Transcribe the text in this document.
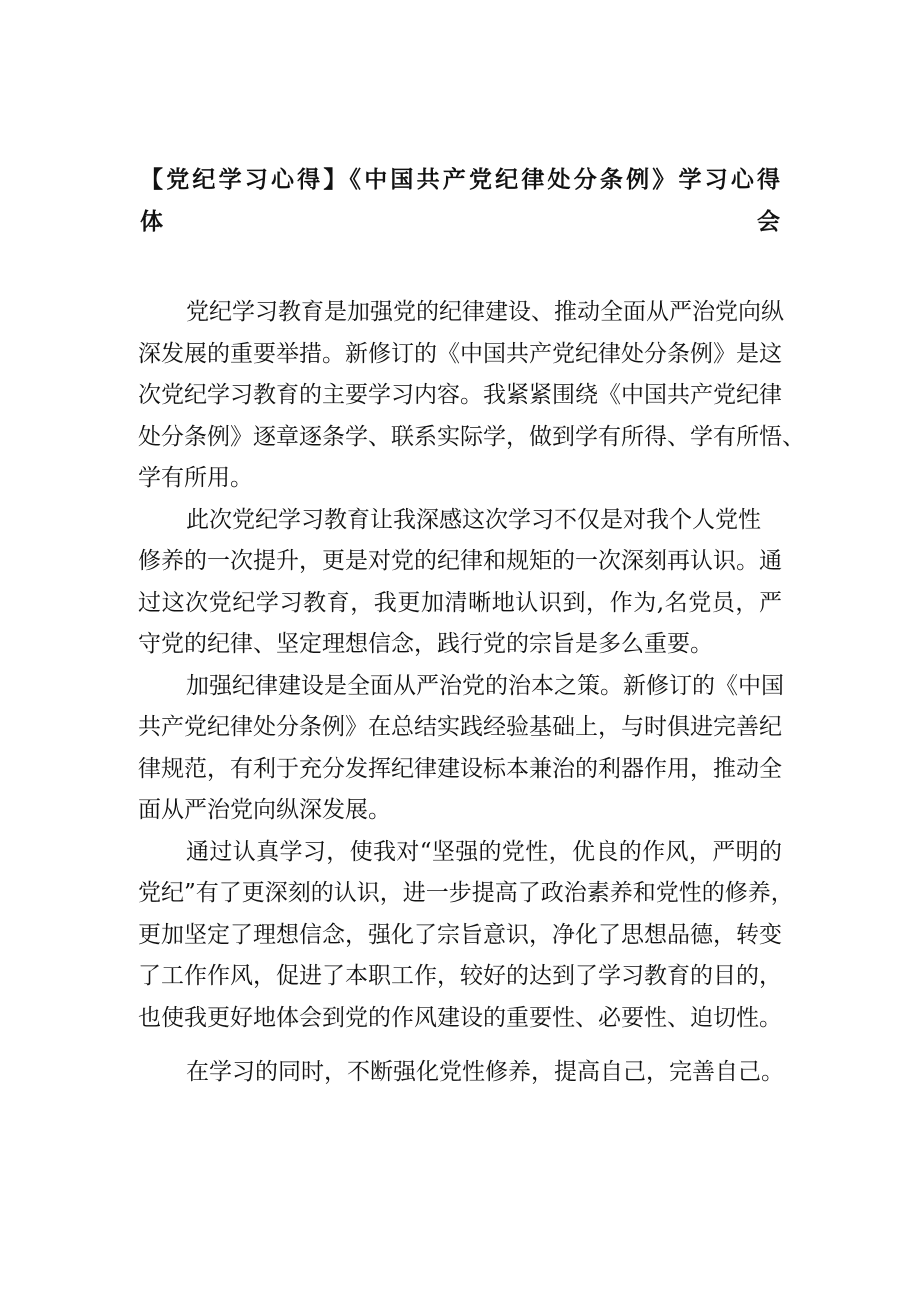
【党纪学习心得】《中国共产党纪律处分条例》学习心得
体会
党纪学习教育是加强党的纪律建设、推动全面从严治党向纵
深发展的重要举措。新修订的《中国共产党纪律处分条例》是这
次党纪学习教育的主要学习内容。我紧紧围绕《中国共产党纪律
处分条例》逐章逐条学、联系实际学，做到学有所得、学有所悟、
学有所用。
此次党纪学习教育让我深感这次学习不仅是对我个人党性
修养的一次提升，更是对党的纪律和规矩的一次深刻再认识。通
过这次党纪学习教育，我更加清晰地认识到，作为,名党员，严
守党的纪律、坚定理想信念，践行党的宗旨是多么重要。
加强纪律建设是全面从严治党的治本之策。新修订的《中国
共产党纪律处分条例》在总结实践经验基础上，与时俱进完善纪
律规范，有利于充分发挥纪律建设标本兼治的利器作用，推动全
面从严治党向纵深发展。
通过认真学习，使我对“坚强的党性，优良的作风，严明的
党纪”有了更深刻的认识，进一步提高了政治素养和党性的修养，
更加坚定了理想信念，强化了宗旨意识，净化了思想品德，转变
了工作作风，促进了本职工作，较好的达到了学习教育的目的，
也使我更好地体会到党的作风建设的重要性、必要性、迫切性。
在学习的同时，不断强化党性修养，提高自己，完善自己。
